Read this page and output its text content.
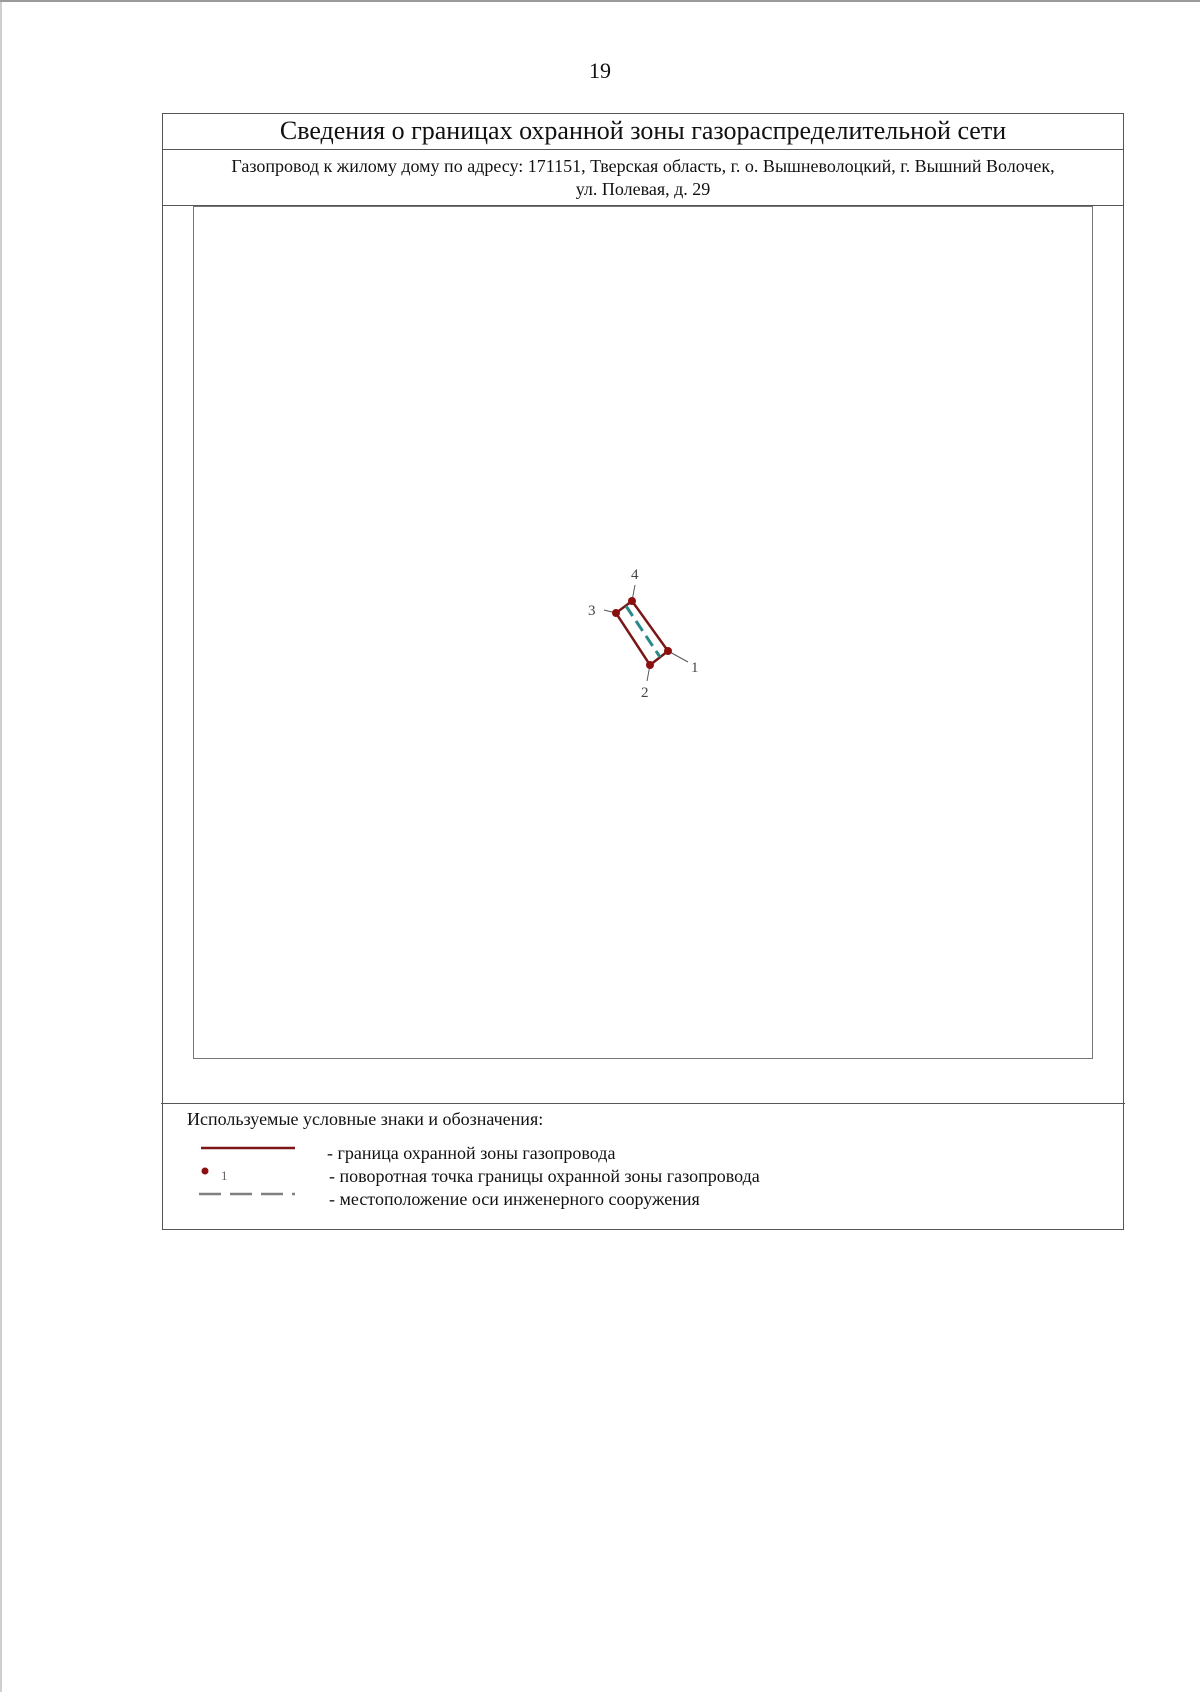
19
Сведения о границах охранной зоны газораспределительной сети
Газопровод к жилому дому по адресу: 171151, Тверская область, г. о. Вышневолоцкий, г. Вышний Волочек,
ул. Полевая, д. 29
1
2
3
4
Используемые условные знаки и обозначения:
- граница охранной зоны газопровода
1	- поворотная точка границы охранной зоны газопровода
- местоположение оси инженерного сооружения
